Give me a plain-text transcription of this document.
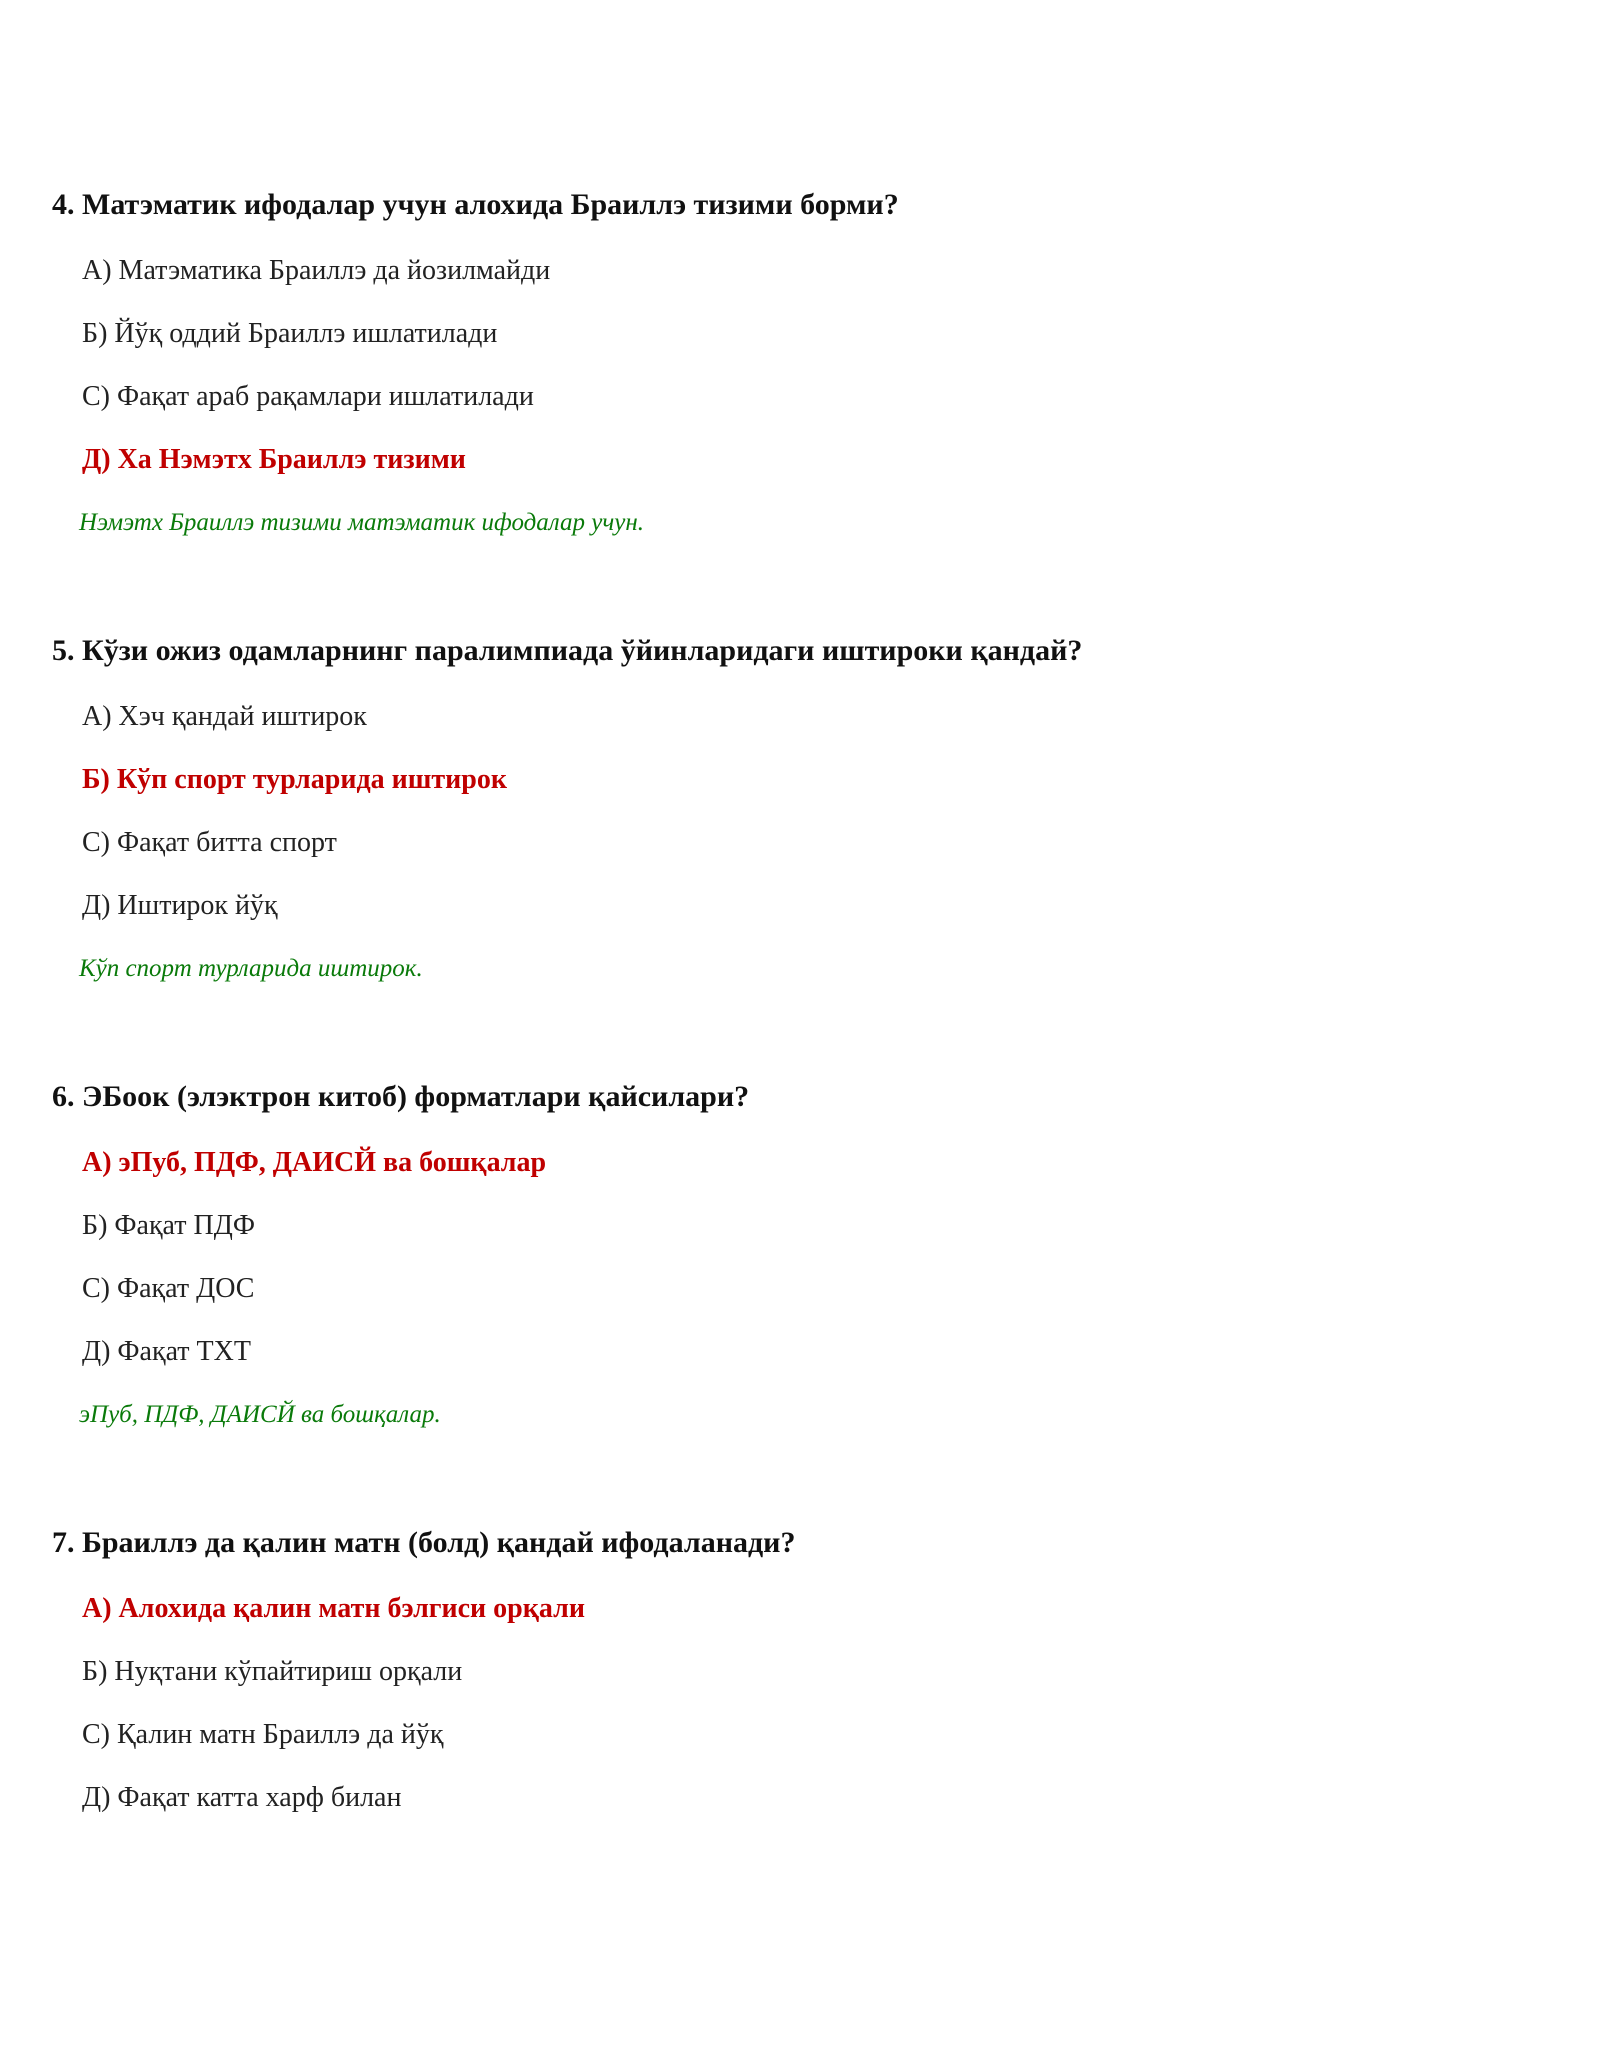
4. Матэматик ифодалар учун алохида Браиллэ тизими борми?
А) Матэматика Браиллэ да йозилмайди
Б) Йўқ оддий Браиллэ ишлатилади
С) Фақат араб рақамлари ишлатилади
Д) Ха Нэмэтх Браиллэ тизими
Нэмэтх Браиллэ тизими матэматик ифодалар учун.
5. Кўзи ожиз одамларнинг паралимпиада ўйинларидаги иштироки қандай?
А) Хэч қандай иштирок
Б) Кўп спорт турларида иштирок
С) Фақат битта спорт
Д) Иштирок йўқ
Кўп спорт турларида иштирок.
6. ЭБоок (элэктрон китоб) форматлари қайсилари?
А) эПуб, ПДФ, ДАИСЙ ва бошқалар
Б) Фақат ПДФ
С) Фақат ДОС
Д) Фақат ТХТ
эПуб, ПДФ, ДАИСЙ ва бошқалар.
7. Браиллэ да қалин матн (болд) қандай ифодаланади?
А) Алохида қалин матн бэлгиси орқали
Б) Нуқтани кўпайтириш орқали
С) Қалин матн Браиллэ да йўқ
Д) Фақат катта харф билан
